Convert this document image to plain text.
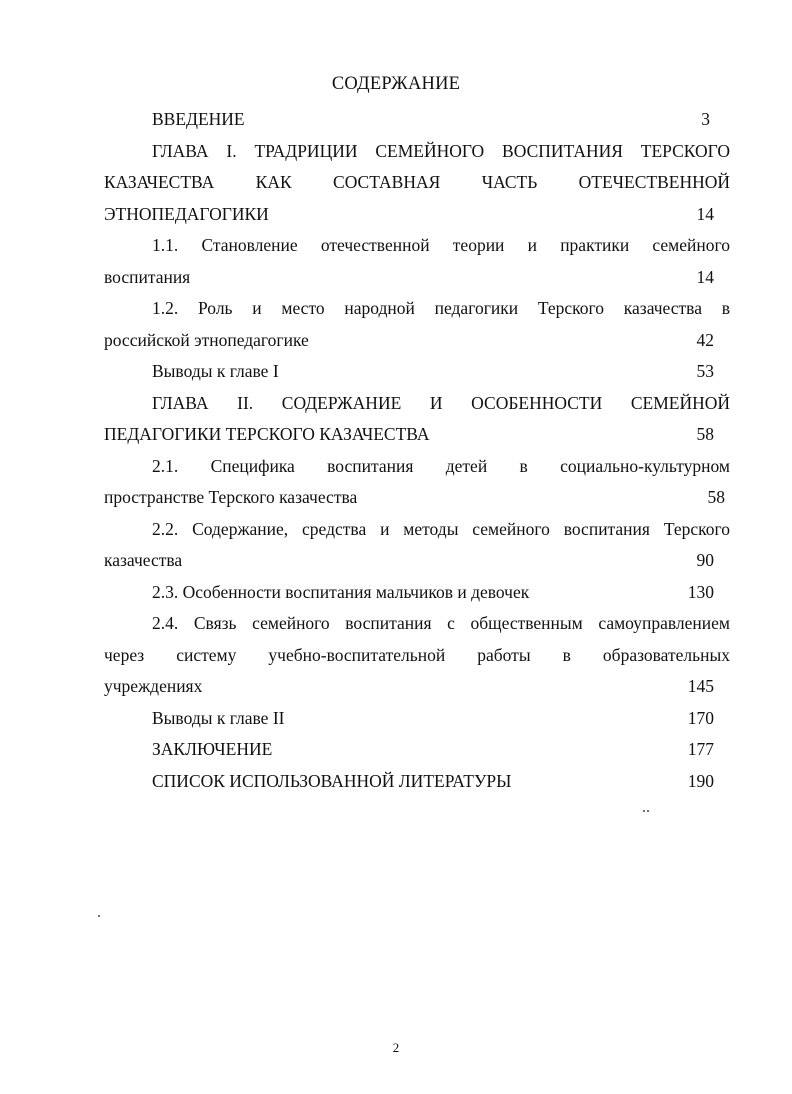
СОДЕРЖАНИЕ
ВВЕДЕНИЕ	3
ГЛАВА I. ТРАДРИЦИИ СЕМЕЙНОГО ВОСПИТАНИЯ ТЕРСКОГО
КАЗАЧЕСТВА КАК СОСТАВНАЯ ЧАСТЬ ОТЕЧЕСТВЕННОЙ
ЭТНОПЕДАГОГИКИ	14
1.1. Становление отечественной теории и практики семейного
воспитания	14
1.2. Роль и место народной педагогики Терского казачества в
российской этнопедагогике	42
Выводы к главе I	53
ГЛАВА II. СОДЕРЖАНИЕ И ОСОБЕННОСТИ СЕМЕЙНОЙ
ПЕДАГОГИКИ ТЕРСКОГО КАЗАЧЕСТВА	58
2.1. Специфика воспитания детей в социально-культурном
пространстве Терского казачества	58
2.2. Содержание, средства и методы семейного воспитания Терского
казачества	90
2.3. Особенности воспитания мальчиков и девочек	130
2.4. Связь семейного воспитания с общественным самоуправлением
через систему учебно-воспитательной работы в образовательных
учреждениях	145
Выводы к главе II	170
ЗАКЛЮЧЕНИЕ	177
СПИСОК ИСПОЛЬЗОВАННОЙ ЛИТЕРАТУРЫ	190
2
